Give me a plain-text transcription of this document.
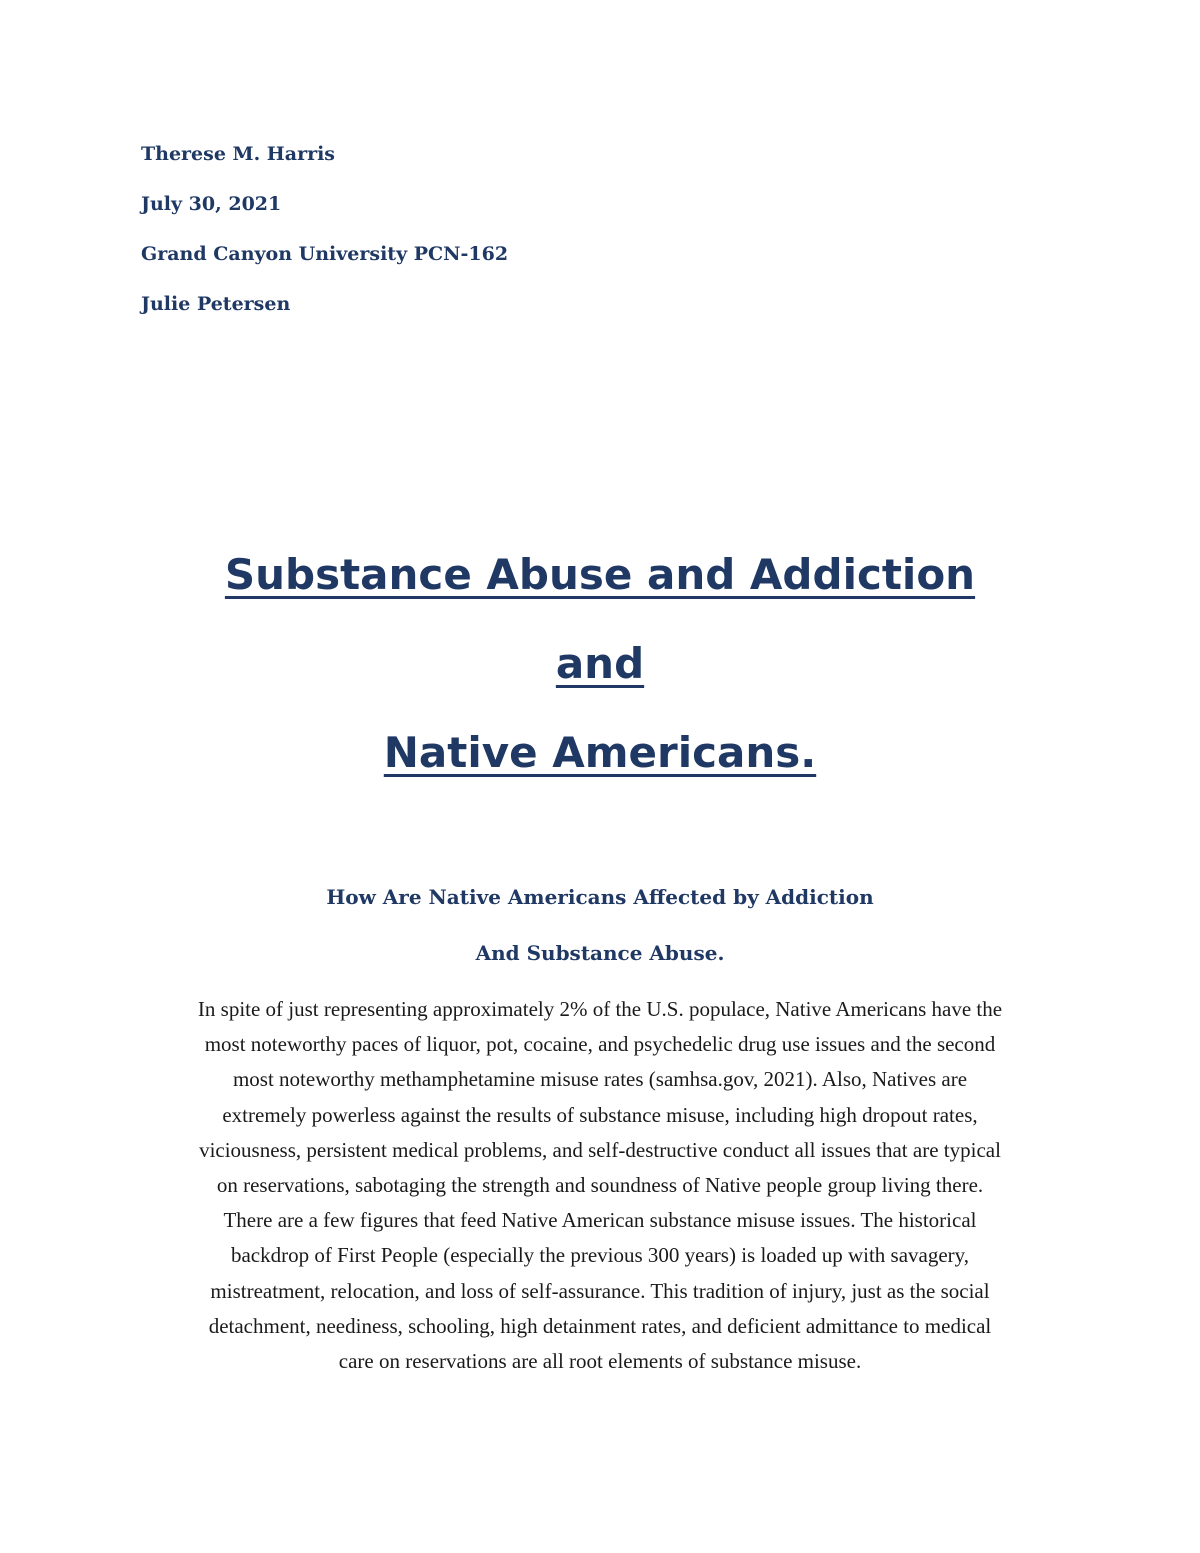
Therese M. Harris
July 30, 2021
Grand Canyon University PCN-162
Julie Petersen
Substance Abuse and Addiction
and
Native Americans.
How Are Native Americans Affected by Addiction
And Substance Abuse.
In spite of just representing approximately 2% of the U.S. populace, Native Americans have the
most noteworthy paces of liquor, pot, cocaine, and psychedelic drug use issues and the second
most noteworthy methamphetamine misuse rates (samhsa.gov, 2021). Also, Natives are
extremely powerless against the results of substance misuse, including high dropout rates,
viciousness, persistent medical problems, and self-destructive conduct all issues that are typical
on reservations, sabotaging the strength and soundness of Native people group living there.
There are a few figures that feed Native American substance misuse issues. The historical
backdrop of First People (especially the previous 300 years) is loaded up with savagery,
mistreatment, relocation, and loss of self-assurance. This tradition of injury, just as the social
detachment, neediness, schooling, high detainment rates, and deficient admittance to medical
care on reservations are all root elements of substance misuse.
